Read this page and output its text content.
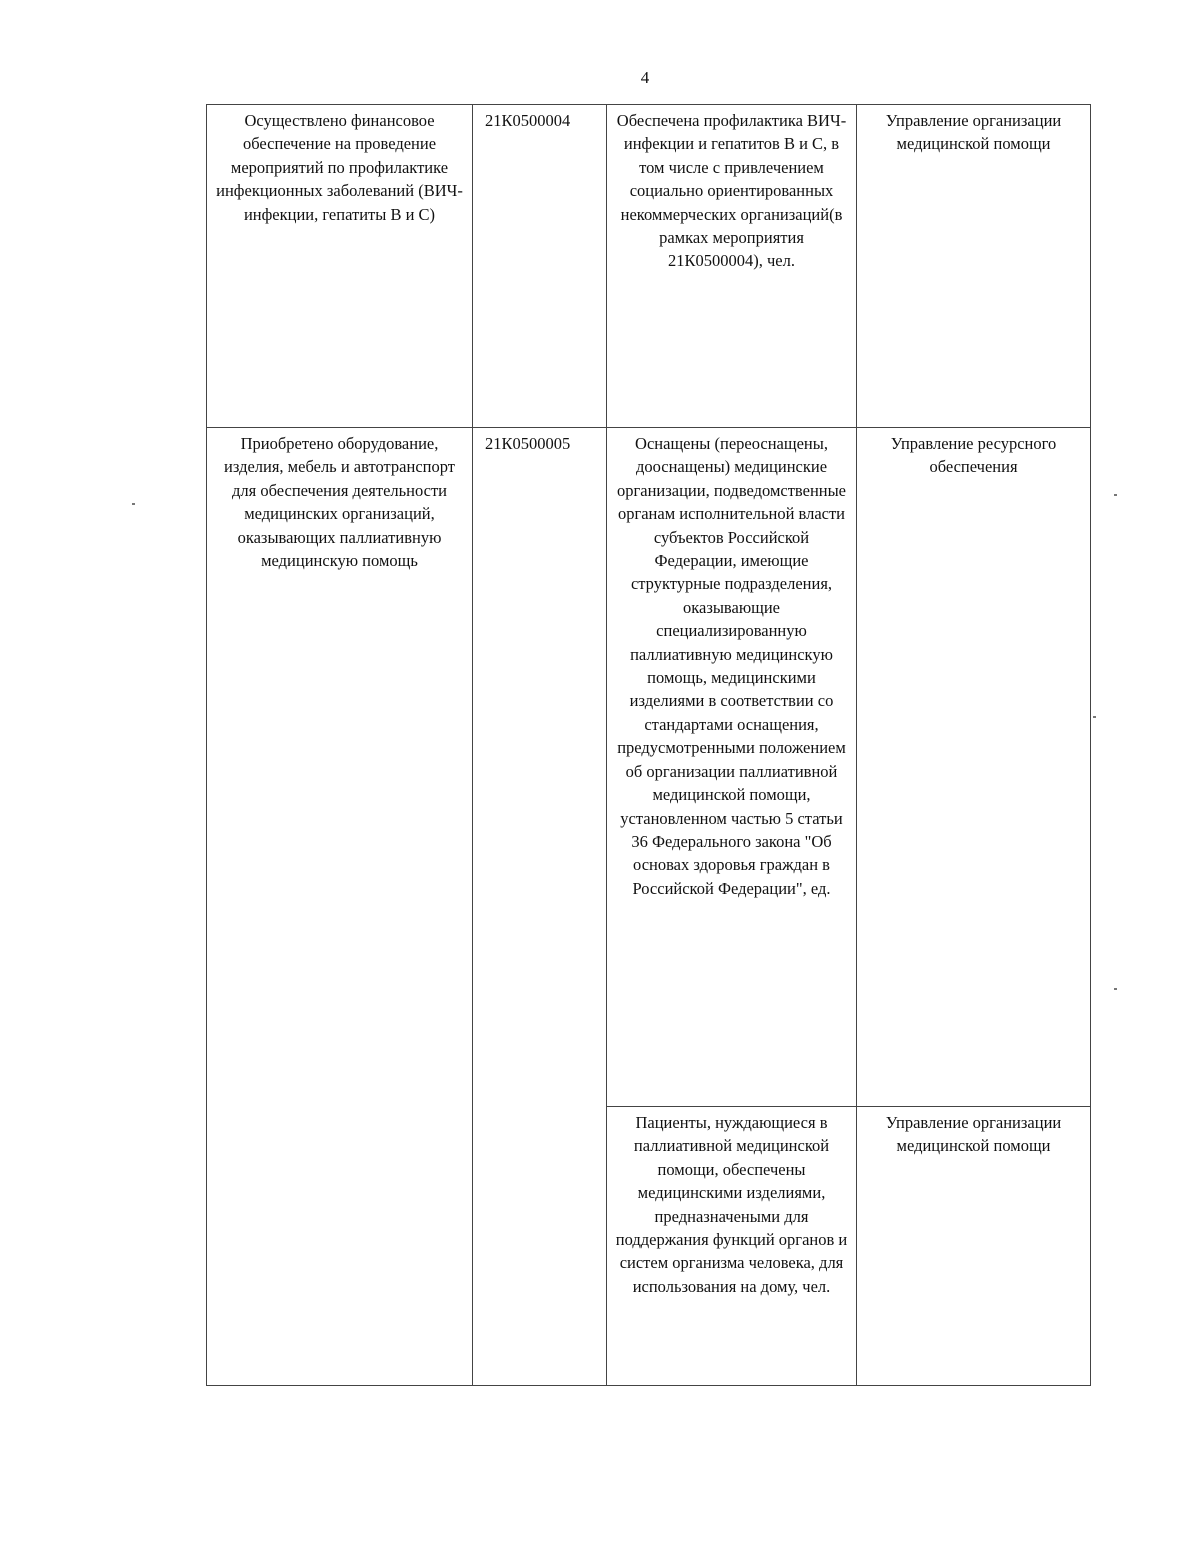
4
Осуществлено финансовое обеспечение на проведение мероприятий по профилактике инфекционных заболеваний (ВИЧ-инфекции, гепатиты В и С)	21К0500004	Обеспечена профилактика ВИЧ-инфекции и гепатитов В и С, в том числе с привлечением социально ориентированных некоммерческих организаций(в рамках мероприятия 21К0500004), чел.	Управление организации медицинской помощи
Приобретено оборудование, изделия, мебель и автотранспорт для обеспечения деятельности медицинских организаций, оказывающих паллиативную медицинскую помощь	21К0500005	Оснащены (переоснащены, дооснащены) медицинские организации, подведомственные органам исполнительной власти субъектов Российской Федерации, имеющие структурные подразделения, оказывающие специализированную паллиативную медицинскую помощь, медицинскими изделиями в соответствии со стандартами оснащения, предусмотренными положением об организации паллиативной медицинской помощи, установленном частью 5 статьи 36 Федерального закона "Об основах здоровья граждан в Российской Федерации", ед.	Управление ресурсного обеспечения
		Пациенты, нуждающиеся в паллиативной медицинской помощи, обеспечены медицинскими изделиями, предназначеными для поддержания функций органов и систем организма человека, для использования на дому, чел.	Управление организации медицинской помощи
